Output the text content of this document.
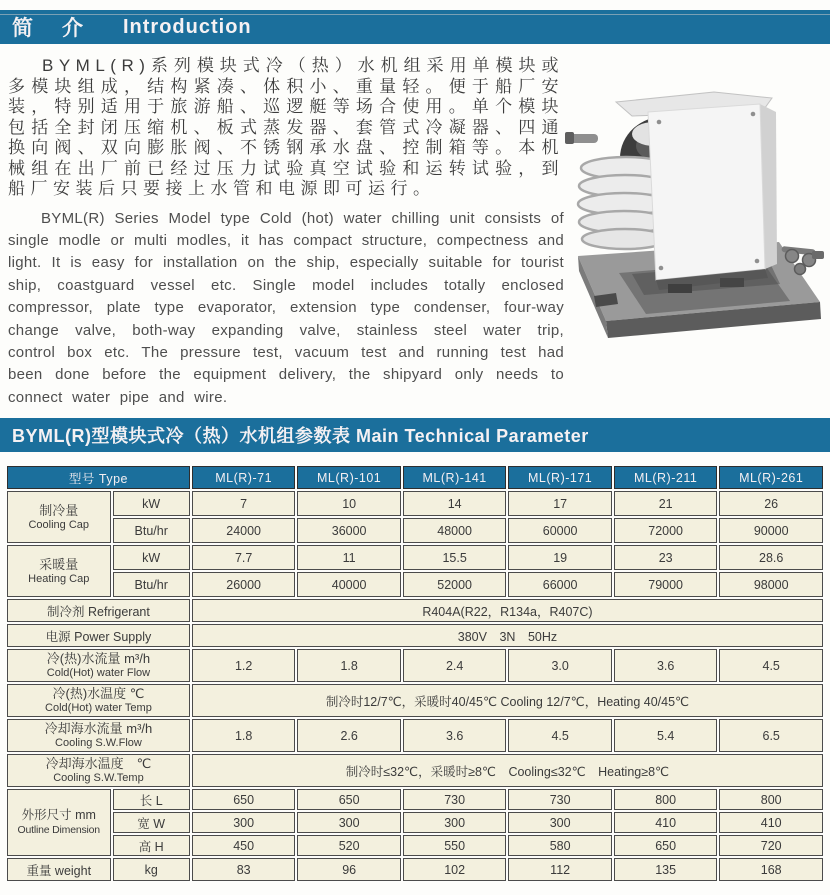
简　介 Introduction

BYML(R)系列模块式冷（热）水机组采用单模块或多模块组成，结构紧凑、体积小、重量轻。便于船厂安装，特别适用于旅游船、巡逻艇等场合使用。单个模块包括全封闭压缩机、板式蒸发器、套管式冷凝器、四通换向阀、双向膨胀阀、不锈钢承水盘、控制箱等。本机械组在出厂前已经过压力试验真空试验和运转试验，到船厂安装后只要接上水管和电源即可运行。

BYML(R) Series Model type Cold (hot) water chilling unit consists of single modle or multi modles, it has compact structure, compectness and light. It is easy for installation on the ship, especially suitable for tourist ship, coastguard vessel etc. Single model includes totally enclosed compressor, plate type evaporator, extension type condenser, four-way change valve, both-way expanding valve, stainless steel water trip, control box etc. The pressure test, vacuum test and running test had been done before the equipment delivery, the shipyard only needs to connect water pipe and wire.

BYML(R)型模块式冷（热）水机组参数表 Main Technical Parameter
型号 Type		ML(R)-71	ML(R)-101	ML(R)-141	ML(R)-171	ML(R)-211	ML(R)-261

制冷量
Cooling Cap	kW	7	10	14	17	21	26
	Btu/hr	24000	36000	48000	60000	72000	90000

采暖量
Heating Cap	kW	7.7	11	15.5	19	23	28.6
	Btu/hr	26000	40000	52000	66000	79000	98000
制冷剂 Refrigerant		R404A(R22，R134a，R407C)					
电源 Power Supply		380V　3N　50Hz					

冷(热)水流量 m³/h
Cold(Hot) water Flow		1.2	1.8	2.4	3.0	3.6	4.5

冷(热)水温度 ℃
Cold(Hot) water Temp		制冷时12/7℃，采暖时40/45℃ Cooling 12/7℃，Heating 40/45℃					

冷却海水流量 m³/h
Cooling S.W.Flow		1.8	2.6	3.6	4.5	5.4	6.5

冷却海水温度　℃
Cooling S.W.Temp		制冷时≤32℃，采暖时≥8℃　Cooling≤32℃　Heating≥8℃					

外形尺寸 mm
Outline Dimension	长 L	650	650	730	730	800	800
	宽 W	300	300	300	300	410	410
	高 H	450	520	550	580	650	720
重量 weight	kg	83	96	102	112	135	168
